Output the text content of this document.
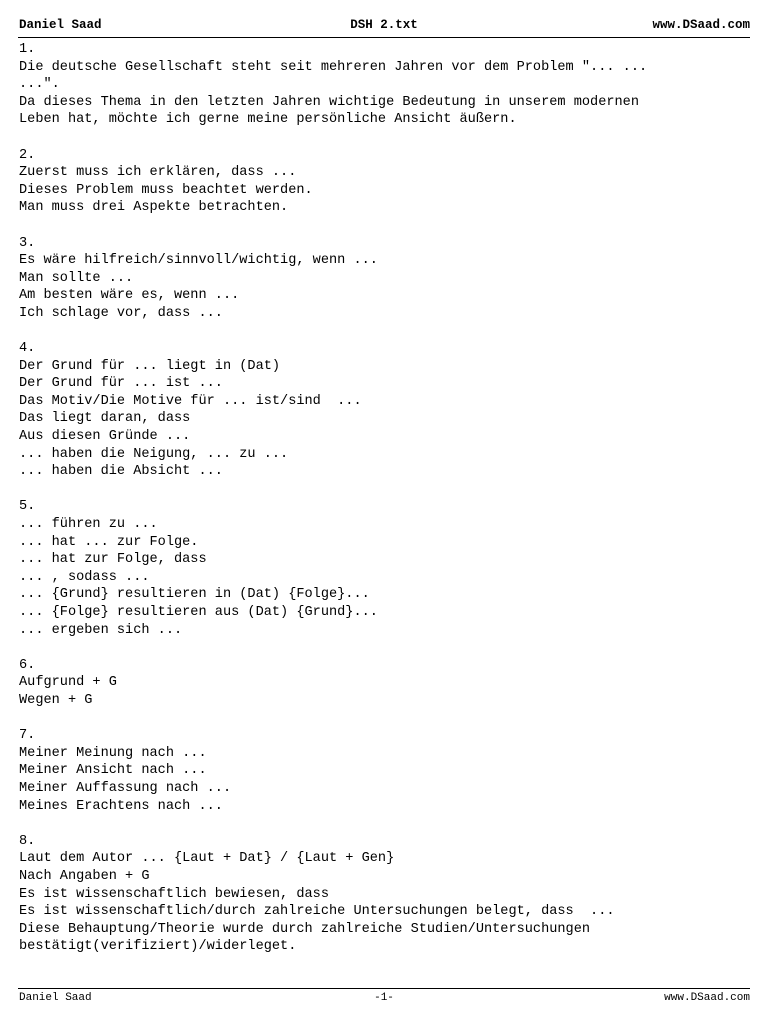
Daniel Saad	DSH 2.txt	www.DSaad.com
1.
Die deutsche Gesellschaft steht seit mehreren Jahren vor dem Problem "... ...
...".
Da dieses Thema in den letzten Jahren wichtige Bedeutung in unserem modernen
Leben hat, möchte ich gerne meine persönliche Ansicht äußern.
2.
Zuerst muss ich erklären, dass ...
Dieses Problem muss beachtet werden.
Man muss drei Aspekte betrachten.
3.
Es wäre hilfreich/sinnvoll/wichtig, wenn ...
Man sollte ...
Am besten wäre es, wenn ...
Ich schlage vor, dass ...
4.
Der Grund für ... liegt in (Dat)
Der Grund für ... ist ...
Das Motiv/Die Motive für ... ist/sind  ...
Das liegt daran, dass
Aus diesen Gründe ...
... haben die Neigung, ... zu ...
... haben die Absicht ...
5.
... führen zu ...
... hat ... zur Folge.
... hat zur Folge, dass
... , sodass ...
... {Grund} resultieren in (Dat) {Folge}...
... {Folge} resultieren aus (Dat) {Grund}...
... ergeben sich ...
6.
Aufgrund + G
Wegen + G
7.
Meiner Meinung nach ...
Meiner Ansicht nach ...
Meiner Auffassung nach ...
Meines Erachtens nach ...
8.
Laut dem Autor ... {Laut + Dat} / {Laut + Gen}
Nach Angaben + G
Es ist wissenschaftlich bewiesen, dass
Es ist wissenschaftlich/durch zahlreiche Untersuchungen belegt, dass  ...
Diese Behauptung/Theorie wurde durch zahlreiche Studien/Untersuchungen
bestätigt(verifiziert)/widerleget.
Daniel Saad	-1-	www.DSaad.com
